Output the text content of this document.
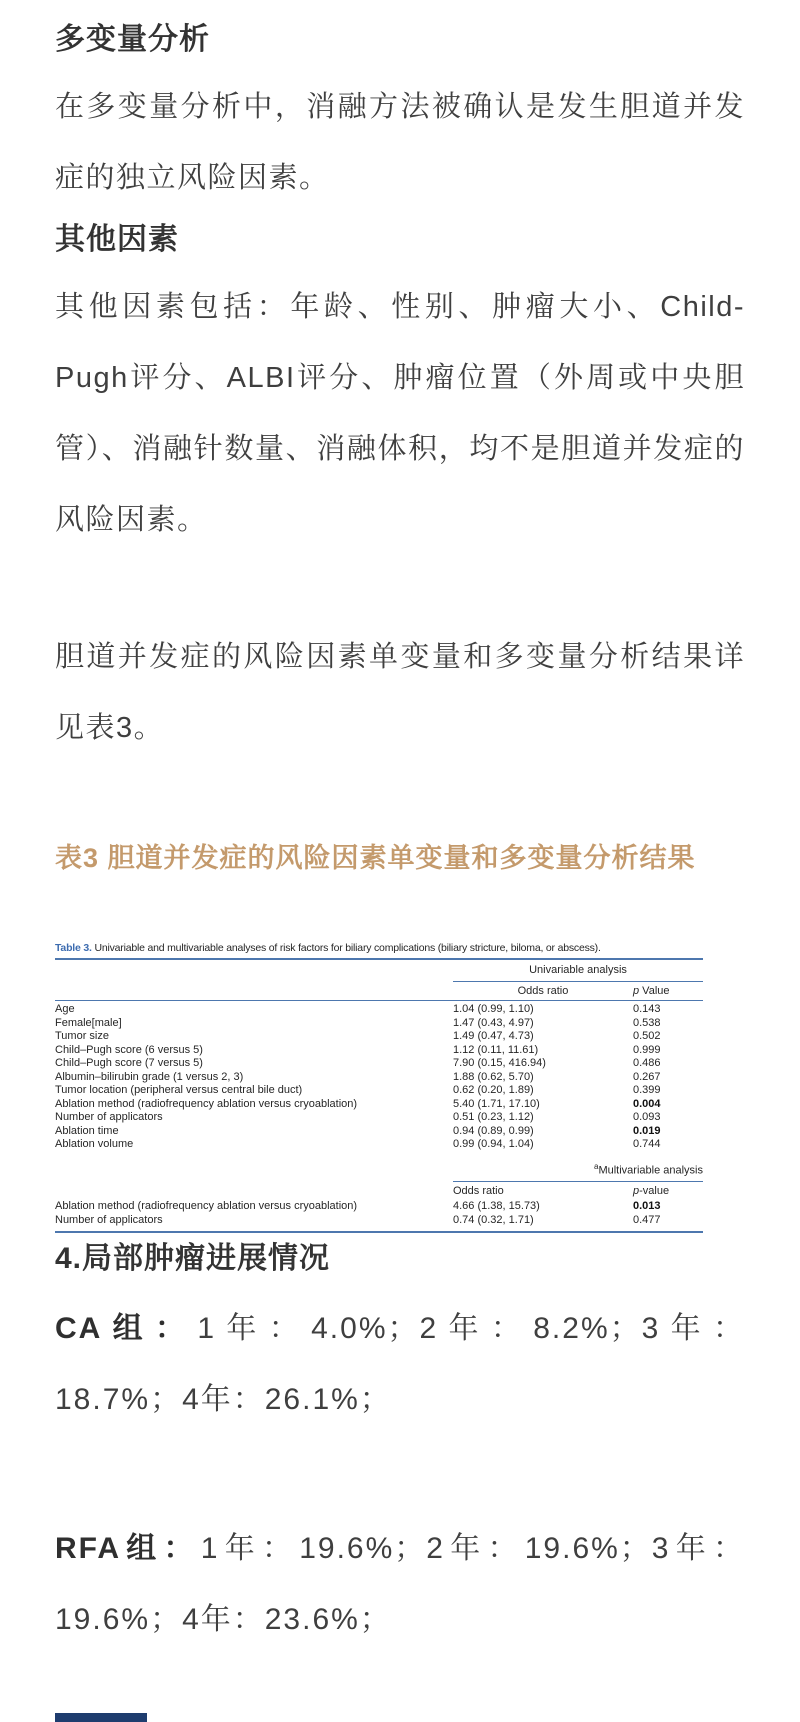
多变量分析

在多变量分析中，消融方法被确认是发生胆道并发症的独立风险因素。

其他因素

其他因素包括：年龄、性别、肿瘤大小、Child-Pugh评分、ALBI评分、肿瘤位置（外周或中央胆管）、消融针数量、消融体积，均不是胆道并发症的风险因素。

胆道并发症的风险因素单变量和多变量分析结果详见表3。

表3 胆道并发症的风险因素单变量和多变量分析结果
Table 3. Univariable and multivariable analyses of risk factors for biliary complications (biliary stricture, biloma, or abscess).
Univariable analysis
Odds ratio	p Value
Age	1.04 (0.99, 1.10)	0.143
Female[male]	1.47 (0.43, 4.97)	0.538
Tumor size	1.49 (0.47, 4.73)	0.502
Child–Pugh score (6 versus 5)	1.12 (0.11, 11.61)	0.999
Child–Pugh score (7 versus 5)	7.90 (0.15, 416.94)	0.486
Albumin–bilirubin grade (1 versus 2, 3)	1.88 (0.62, 5.70)	0.267
Tumor location (peripheral versus central bile duct)	0.62 (0.20, 1.89)	0.399
Ablation method (radiofrequency ablation versus cryoablation)	5.40 (1.71, 17.10)	0.004
Number of applicators	0.51 (0.23, 1.12)	0.093
Ablation time	0.94 (0.89, 0.99)	0.019
Ablation volume	0.99 (0.94, 1.04)	0.744
$^a$Multivariable analysis
Odds ratio	p-value
Ablation method (radiofrequency ablation versus cryoablation)	4.66 (1.38, 15.73)	0.013
Number of applicators	0.74 (0.32, 1.71)	0.477
4.局部肿瘤进展情况

CA组：1年：4.0%；2年：8.2%；3年：18.7%；4年：26.1%；

RFA组：1年：19.6%；2年：19.6%；3年：19.6%；4年：23.6%；
